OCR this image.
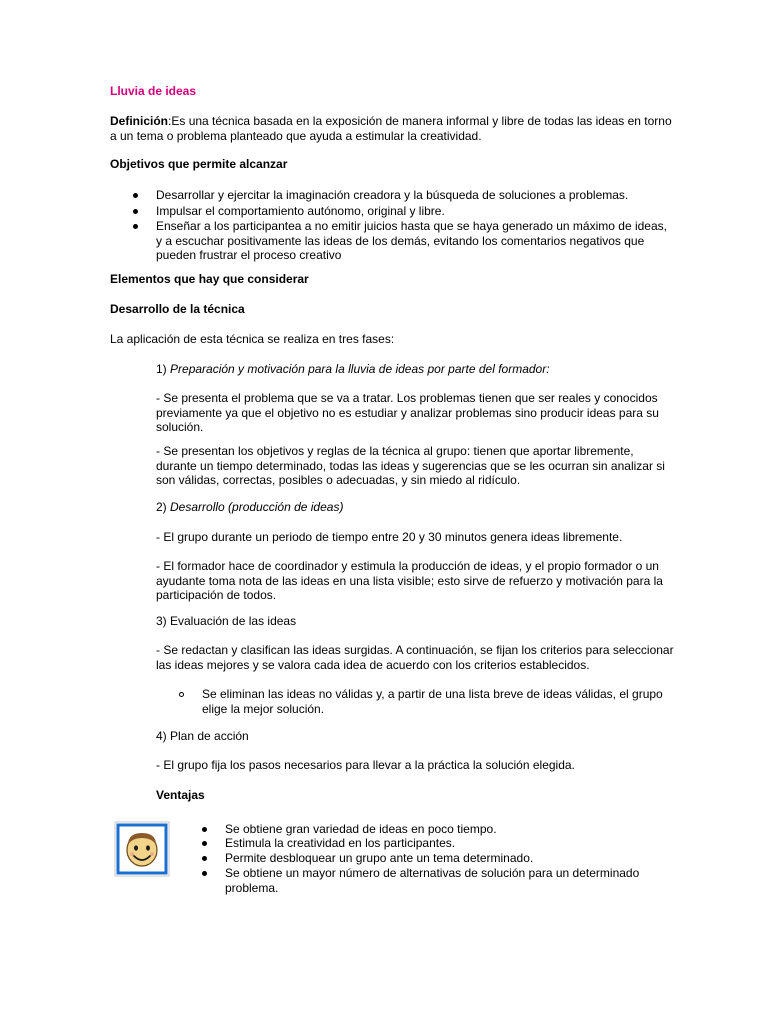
Lluvia de ideas
Definición:Es una técnica basada en la exposición de manera informal y libre de todas las ideas en torno
a un tema o problema planteado que ayuda a estimular la creatividad.
Objetivos que permite alcanzar
Desarrollar y ejercitar la imaginación creadora y la búsqueda de soluciones a problemas.
Impulsar el comportamiento autónomo, original y libre.
Enseñar a los participantea a no emitir juicios hasta que se haya generado un máximo de ideas,
y a escuchar positivamente las ideas de los demás, evitando los comentarios negativos que
pueden frustrar el proceso creativo
Elementos que hay que considerar
Desarrollo de la técnica
La aplicación de esta técnica se realiza en tres fases:
1) Preparación y motivación para la lluvia de ideas por parte del formador:
- Se presenta el problema que se va a tratar. Los problemas tienen que ser reales y conocidos
previamente ya que el objetivo no es estudiar y analizar problemas sino producir ideas para su
solución.
- Se presentan los objetivos y reglas de la técnica al grupo: tienen que aportar libremente,
durante un tiempo determinado, todas las ideas y sugerencias que se les ocurran sin analizar si
son válidas, correctas, posibles o adecuadas, y sin miedo al ridículo.
2) Desarrollo (producción de ideas)
- El grupo durante un periodo de tiempo entre 20 y 30 minutos genera ideas libremente.
- El formador hace de coordinador y estimula la producción de ideas, y el propio formador o un
ayudante toma nota de las ideas en una lista visible; esto sirve de refuerzo y motivación para la
participación de todos.
3) Evaluación de las ideas
- Se redactan y clasifican las ideas surgidas. A continuación, se fijan los criterios para seleccionar
las ideas mejores y se valora cada idea de acuerdo con los criterios establecidos.
Se eliminan las ideas no válidas y, a partir de una lista breve de ideas válidas, el grupo
elige la mejor solución.
4) Plan de acción
- El grupo fija los pasos necesarios para llevar a la práctica la solución elegida.
Ventajas
Se obtiene gran variedad de ideas en poco tiempo.
Estimula la creatividad en los participantes.
Permite desbloquear un grupo ante un tema determinado.
Se obtiene un mayor número de alternativas de solución para un determinado
problema.
